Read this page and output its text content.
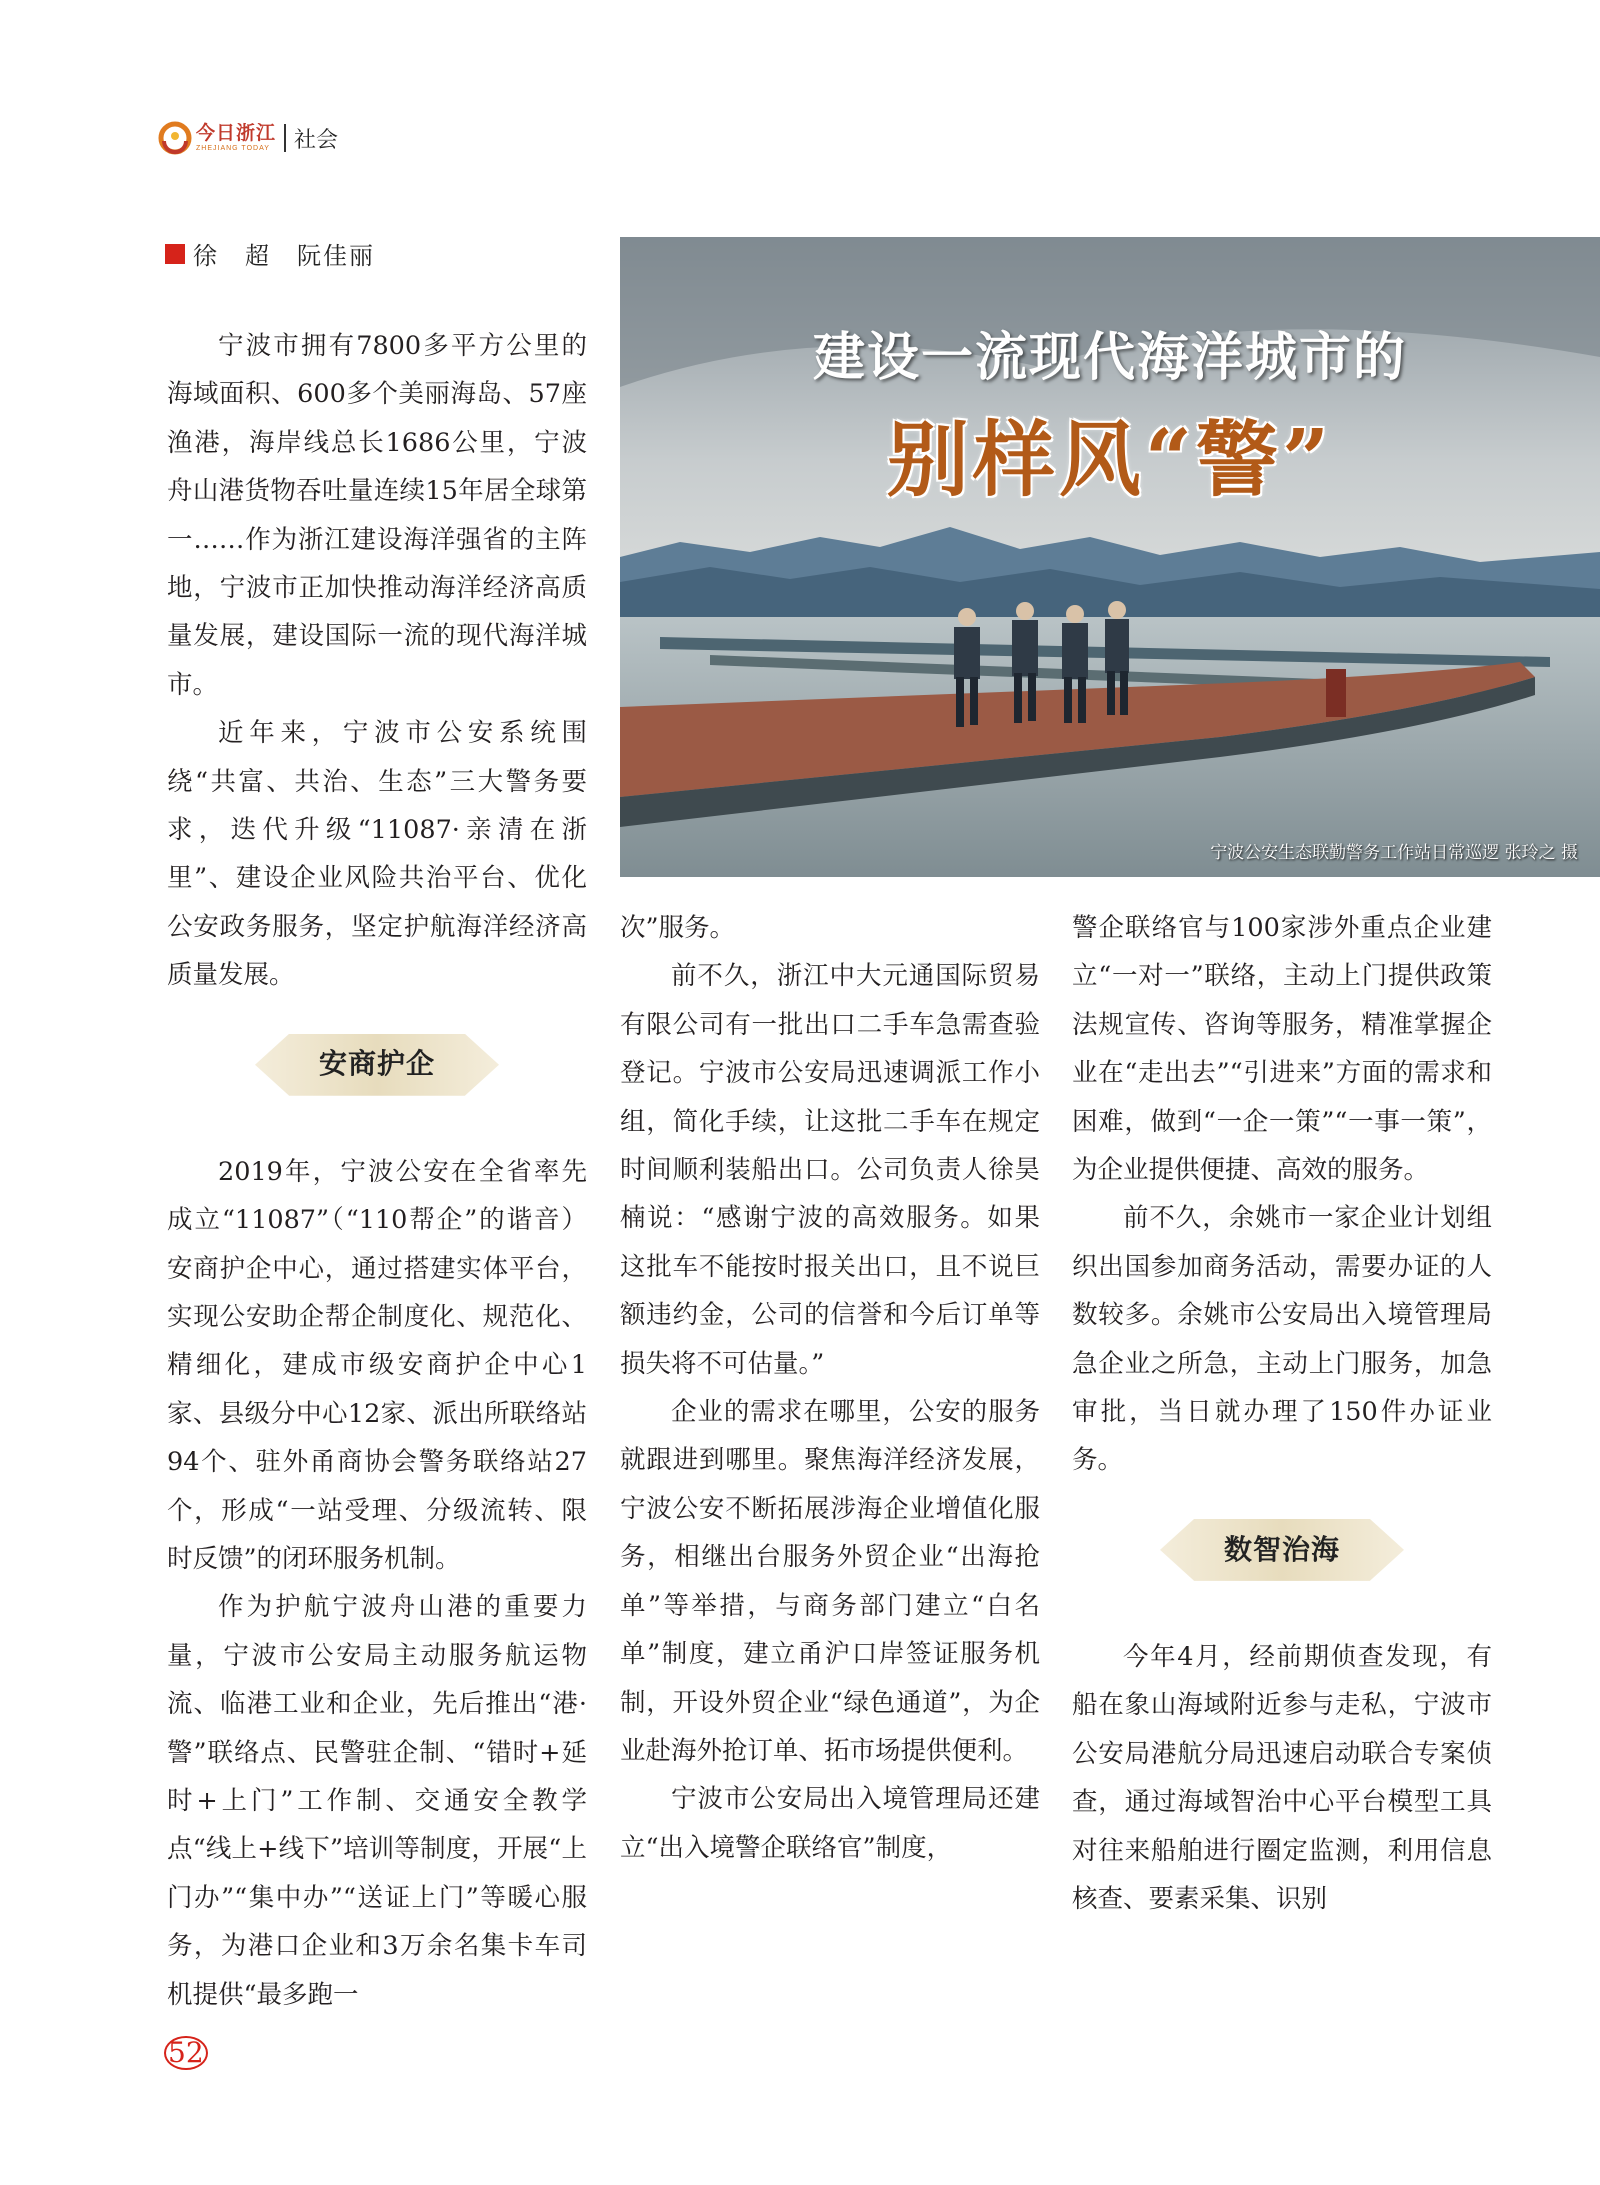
今日浙江
ZHEJIANG TODAY 社会
徐　超　阮佳丽
建设一流现代海洋城市的
别样风“警”
宁波公安生态联勤警务工作站日常巡逻 张玲之 摄

宁波市拥有7800多平方公里的海域面积、600多个美丽海岛、57座渔港，海岸线总长1686公里，宁波舟山港货物吞吐量连续15年居全球第一……作为浙江建设海洋强省的主阵地，宁波市正加快推动海洋经济高质量发展，建设国际一流的现代海洋城市。

近年来，宁波市公安系统围绕“共富、共治、生态”三大警务要求，迭代升级“11087·亲清在浙里”、建设企业风险共治平台、优化公安政务服务，坚定护航海洋经济高质量发展。

安商护企

2019年，宁波公安在全省率先成立“11087”（“110帮企”的谐音）安商护企中心，通过搭建实体平台，实现公安助企帮企制度化、规范化、精细化，建成市级安商护企中心1家、县级分中心12家、派出所联络站94个、驻外甬商协会警务联络站27个，形成“一站受理、分级流转、限时反馈”的闭环服务机制。

作为护航宁波舟山港的重要力量，宁波市公安局主动服务航运物流、临港工业和企业，先后推出“港·警”联络点、民警驻企制、“错时+延时+上门”工作制、交通安全教学点“线上+线下”培训等制度，开展“上门办”“集中办”“送证上门”等暖心服务，为港口企业和3万余名集卡车司机提供“最多跑一

次”服务。

前不久，浙江中大元通国际贸易有限公司有一批出口二手车急需查验登记。宁波市公安局迅速调派工作小组，简化手续，让这批二手车在规定时间顺利装船出口。公司负责人徐昊楠说：“感谢宁波的高效服务。如果这批车不能按时报关出口，且不说巨额违约金，公司的信誉和今后订单等损失将不可估量。”

企业的需求在哪里，公安的服务就跟进到哪里。聚焦海洋经济发展，宁波公安不断拓展涉海企业增值化服务，相继出台服务外贸企业“出海抢单”等举措，与商务部门建立“白名单”制度，建立甬沪口岸签证服务机制，开设外贸企业“绿色通道”，为企业赴海外抢订单、拓市场提供便利。

宁波市公安局出入境管理局还建立“出入境警企联络官”制度，

警企联络官与100家涉外重点企业建立“一对一”联络，主动上门提供政策法规宣传、咨询等服务，精准掌握企业在“走出去”“引进来”方面的需求和困难，做到“一企一策”“一事一策”，为企业提供便捷、高效的服务。

前不久，余姚市一家企业计划组织出国参加商务活动，需要办证的人数较多。余姚市公安局出入境管理局急企业之所急，主动上门服务，加急审批，当日就办理了150件办证业务。

数智治海

今年4月，经前期侦查发现，有船在象山海域附近参与走私，宁波市公安局港航分局迅速启动联合专案侦查，通过海域智治中心平台模型工具对往来船舶进行圈定监测，利用信息核查、要素采集、识别

52
